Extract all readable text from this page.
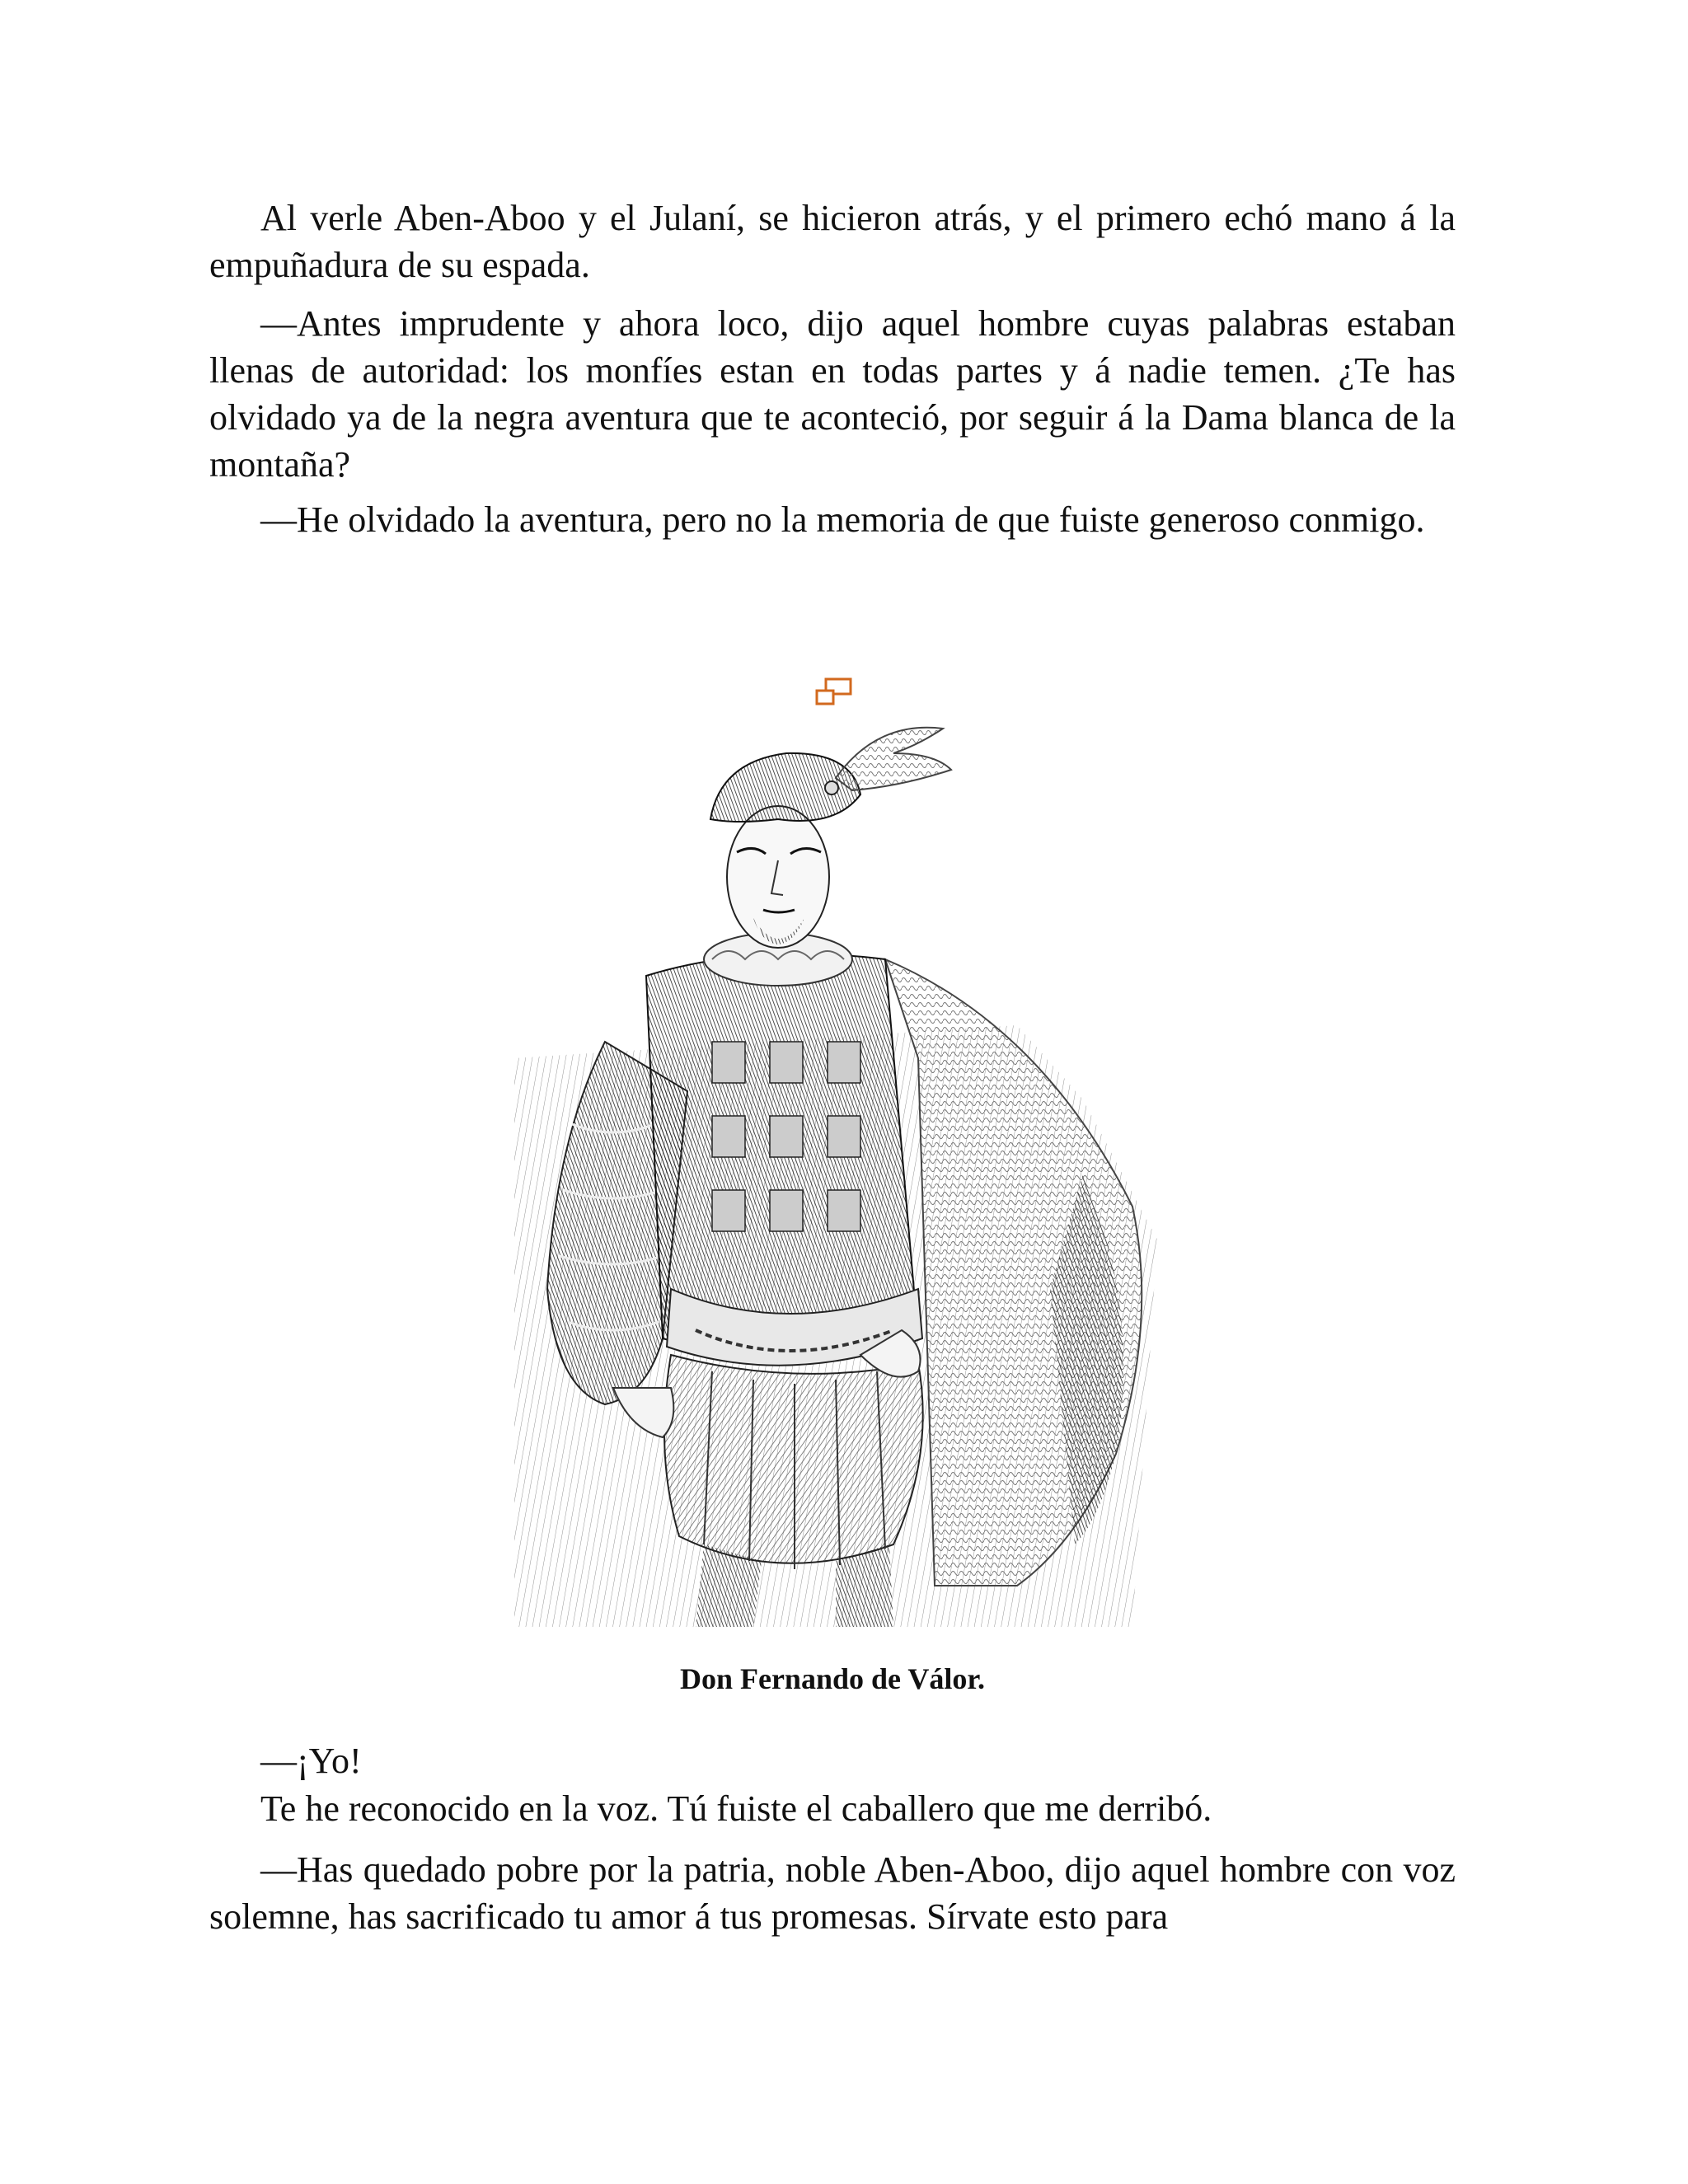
Al verle Aben-Aboo y el Julaní, se hicieron atrás, y el primero echó mano á la empuñadura de su espada.

—Antes imprudente y ahora loco, dijo aquel hombre cuyas palabras estaban llenas de autoridad: los monfíes estan en todas partes y á nadie temen. ¿Te has olvidado ya de la negra aventura que te aconteció, por seguir á la Dama blanca de la montaña?

—He olvidado la aventura, pero no la memoria de que fuiste generoso conmigo.

Don Fernando de Válor.

—¡Yo!

Te he reconocido en la voz. Tú fuiste el caballero que me derribó.

—Has quedado pobre por la patria, noble Aben-Aboo, dijo aquel hombre con voz solemne, has sacrificado tu amor á tus promesas. Sírvate esto para
